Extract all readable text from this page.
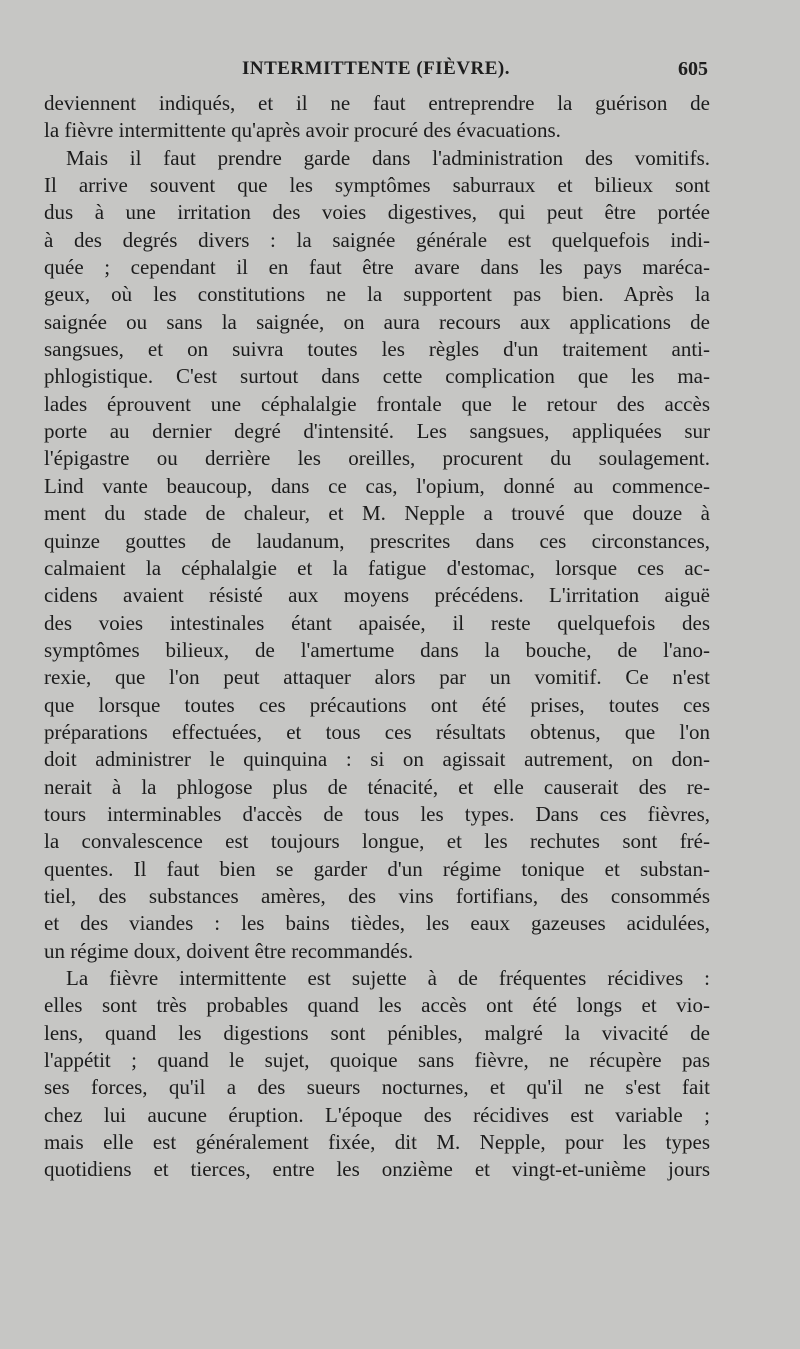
INTERMITTENTE (FIÈVRE).	605
deviennent indiqués, et il ne faut entreprendre la guérison de
la fièvre intermittente qu'après avoir procuré des évacuations.
Mais il faut prendre garde dans l'administration des vomitifs.
Il arrive souvent que les symptômes saburraux et bilieux sont
dus à une irritation des voies digestives, qui peut être portée
à des degrés divers : la saignée générale est quelquefois indi-
quée ; cependant il en faut être avare dans les pays maréca-
geux, où les constitutions ne la supportent pas bien. Après la
saignée ou sans la saignée, on aura recours aux applications de
sangsues, et on suivra toutes les règles d'un traitement anti-
phlogistique. C'est surtout dans cette complication que les ma-
lades éprouvent une céphalalgie frontale que le retour des accès
porte au dernier degré d'intensité. Les sangsues, appliquées sur
l'épigastre ou derrière les oreilles, procurent du soulagement.
Lind vante beaucoup, dans ce cas, l'opium, donné au commence-
ment du stade de chaleur, et M. Nepple a trouvé que douze à
quinze gouttes de laudanum, prescrites dans ces circonstances,
calmaient la céphalalgie et la fatigue d'estomac, lorsque ces ac-
cidens avaient résisté aux moyens précédens. L'irritation aiguë
des voies intestinales étant apaisée, il reste quelquefois des
symptômes bilieux, de l'amertume dans la bouche, de l'ano-
rexie, que l'on peut attaquer alors par un vomitif. Ce n'est
que lorsque toutes ces précautions ont été prises, toutes ces
préparations effectuées, et tous ces résultats obtenus, que l'on
doit administrer le quinquina : si on agissait autrement, on don-
nerait à la phlogose plus de ténacité, et elle causerait des re-
tours interminables d'accès de tous les types. Dans ces fièvres,
la convalescence est toujours longue, et les rechutes sont fré-
quentes. Il faut bien se garder d'un régime tonique et substan-
tiel, des substances amères, des vins fortifians, des consommés
et des viandes : les bains tièdes, les eaux gazeuses acidulées,
un régime doux, doivent être recommandés.
La fièvre intermittente est sujette à de fréquentes récidives :
elles sont très probables quand les accès ont été longs et vio-
lens, quand les digestions sont pénibles, malgré la vivacité de
l'appétit ; quand le sujet, quoique sans fièvre, ne récupère pas
ses forces, qu'il a des sueurs nocturnes, et qu'il ne s'est fait
chez lui aucune éruption. L'époque des récidives est variable ;
mais elle est généralement fixée, dit M. Nepple, pour les types
quotidiens et tierces, entre les onzième et vingt-et-unième jours
